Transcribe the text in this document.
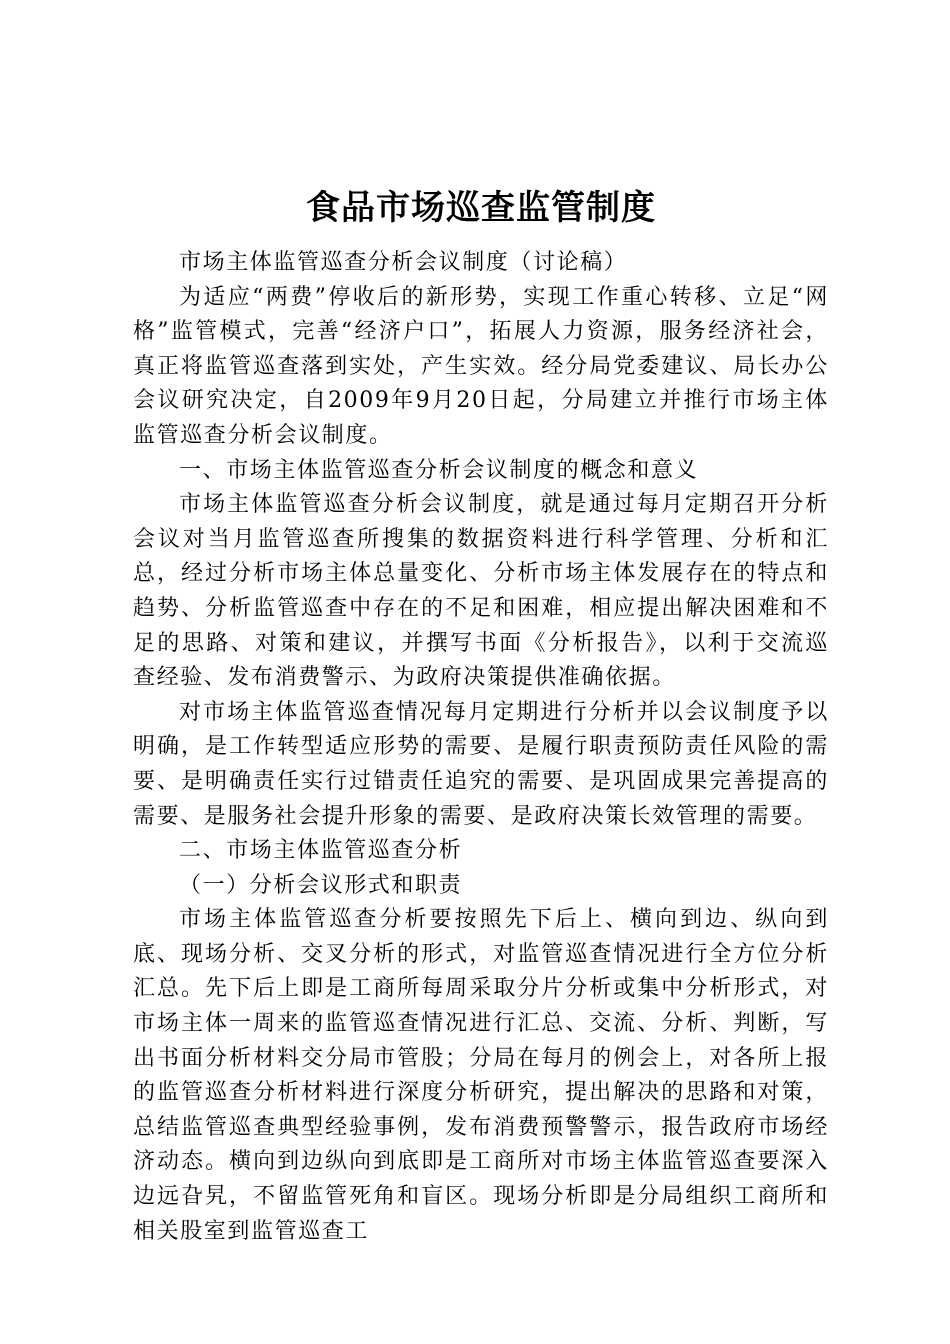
食品市场巡查监管制度

市场主体监管巡查分析会议制度（讨论稿）

为适应“两费”停收后的新形势，实现工作重心转移、立足“网格”监管模式，完善“经济户口”，拓展人力资源，服务经济社会，真正将监管巡查落到实处，产生实效。经分局党委建议、局长办公会议研究决定，自2009年9月20日起，分局建立并推行市场主体监管巡查分析会议制度。

一、市场主体监管巡查分析会议制度的概念和意义

市场主体监管巡查分析会议制度，就是通过每月定期召开分析会议对当月监管巡查所搜集的数据资料进行科学管理、分析和汇总，经过分析市场主体总量变化、分析市场主体发展存在的特点和趋势、分析监管巡查中存在的不足和困难，相应提出解决困难和不足的思路、对策和建议，并撰写书面《分析报告》，以利于交流巡查经验、发布消费警示、为政府决策提供准确依据。

对市场主体监管巡查情况每月定期进行分析并以会议制度予以明确，是工作转型适应形势的需要、是履行职责预防责任风险的需要、是明确责任实行过错责任追究的需要、是巩固成果完善提高的需要、是服务社会提升形象的需要、是政府决策长效管理的需要。

二、市场主体监管巡查分析

（一）分析会议形式和职责

市场主体监管巡查分析要按照先下后上、横向到边、纵向到底、现场分析、交叉分析的形式，对监管巡查情况进行全方位分析汇总。先下后上即是工商所每周采取分片分析或集中分析形式，对市场主体一周来的监管巡查情况进行汇总、交流、分析、判断，写出书面分析材料交分局市管股；分局在每月的例会上，对各所上报的监管巡查分析材料进行深度分析研究，提出解决的思路和对策，总结监管巡查典型经验事例，发布消费预警警示，报告政府市场经济动态。横向到边纵向到底即是工商所对市场主体监管巡查要深入边远旮旯，不留监管死角和盲区。现场分析即是分局组织工商所和相关股室到监管巡查工
